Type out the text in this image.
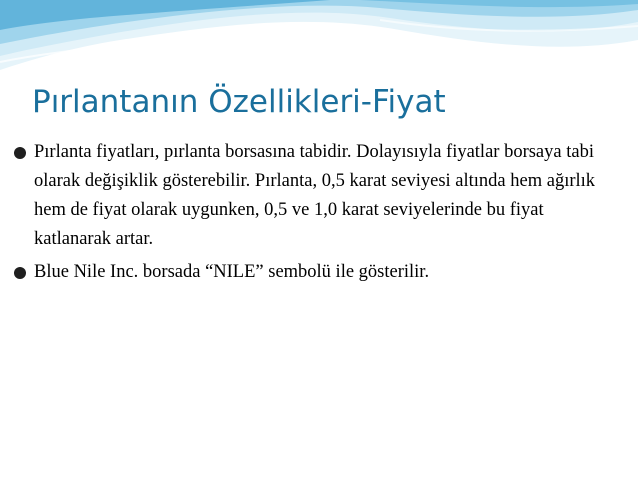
Pırlantanın Özellikleri-Fiyat
Pırlanta fiyatları, pırlanta borsasına tabidir. Dolayısıyla fiyatlar borsaya tabi olarak değişiklik gösterebilir. Pırlanta, 0,5 karat seviyesi altında hem ağırlık hem de fiyat olarak uygunken, 0,5 ve 1,0 karat seviyelerinde bu fiyat katlanarak artar.
Blue Nile Inc. borsada “NILE” sembolü ile gösterilir.
